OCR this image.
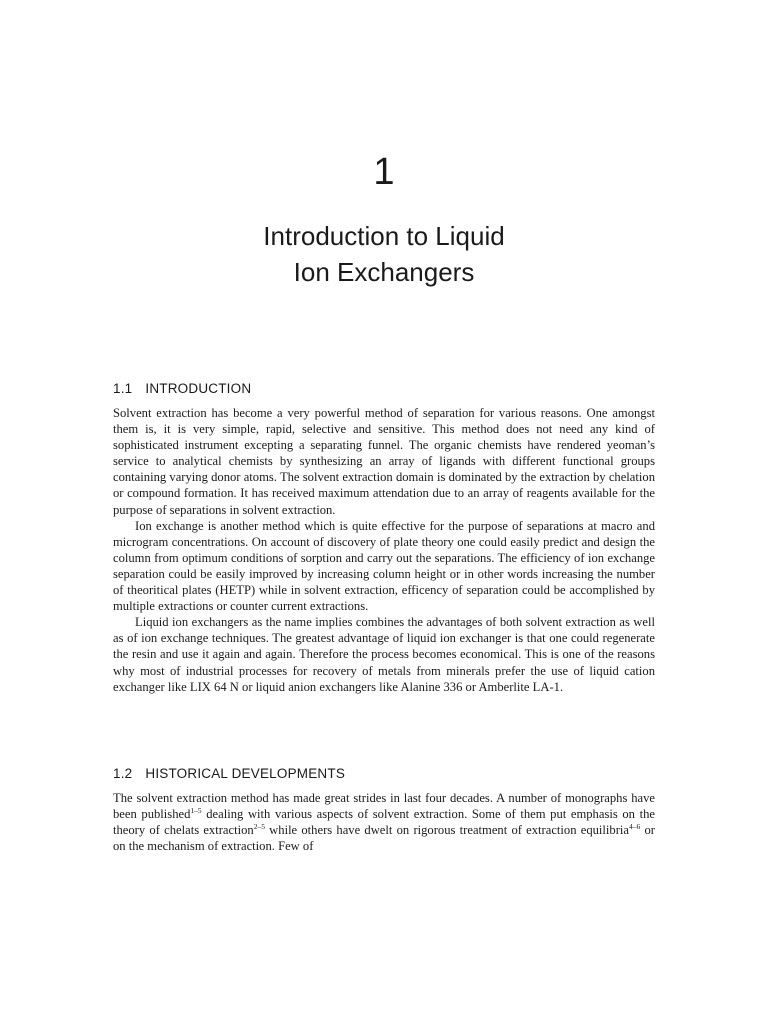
1
Introduction to Liquid
Ion Exchangers
1.1 INTRODUCTION

Solvent extraction has become a very powerful method of separation for various reasons. One amongst them is, it is very simple, rapid, selective and sensitive. This method does not need any kind of sophisticated instrument excepting a separating funnel. The organic chemists have rendered yeoman’s service to analytical chemists by synthesizing an array of ligands with different functional groups containing varying donor atoms. The solvent extraction domain is dominated by the extraction by chelation or compound formation. It has received maximum attendation due to an array of reagents available for the purpose of separations in solvent extraction.

Ion exchange is another method which is quite effective for the purpose of separations at macro and microgram concentrations. On account of discovery of plate theory one could easily predict and design the column from optimum conditions of sorption and carry out the separations. The efficiency of ion exchange separation could be easily improved by increasing column height or in other words increasing the number of theoritical plates (HETP) while in solvent extraction, efficency of separation could be accomplished by multiple extractions or counter current extractions.

Liquid ion exchangers as the name implies combines the advantages of both solvent extraction as well as of ion exchange techniques. The greatest advantage of liquid ion exchanger is that one could regenerate the resin and use it again and again. Therefore the process becomes economical. This is one of the reasons why most of industrial processes for recovery of metals from minerals prefer the use of liquid cation exchanger like LIX 64 N or liquid anion exchangers like Alanine 336 or Amberlite LA-1.

1.2 HISTORICAL DEVELOPMENTS

The solvent extraction method has made great strides in last four decades. A number of monographs have been published$^{1-5}$ dealing with various aspects of solvent extraction. Some of them put emphasis on the theory of chelats extraction$^{2-5}$ while others have dwelt on rigorous treatment of extraction equilibria$^{4-6}$ or on the mechanism of extraction. Few of
